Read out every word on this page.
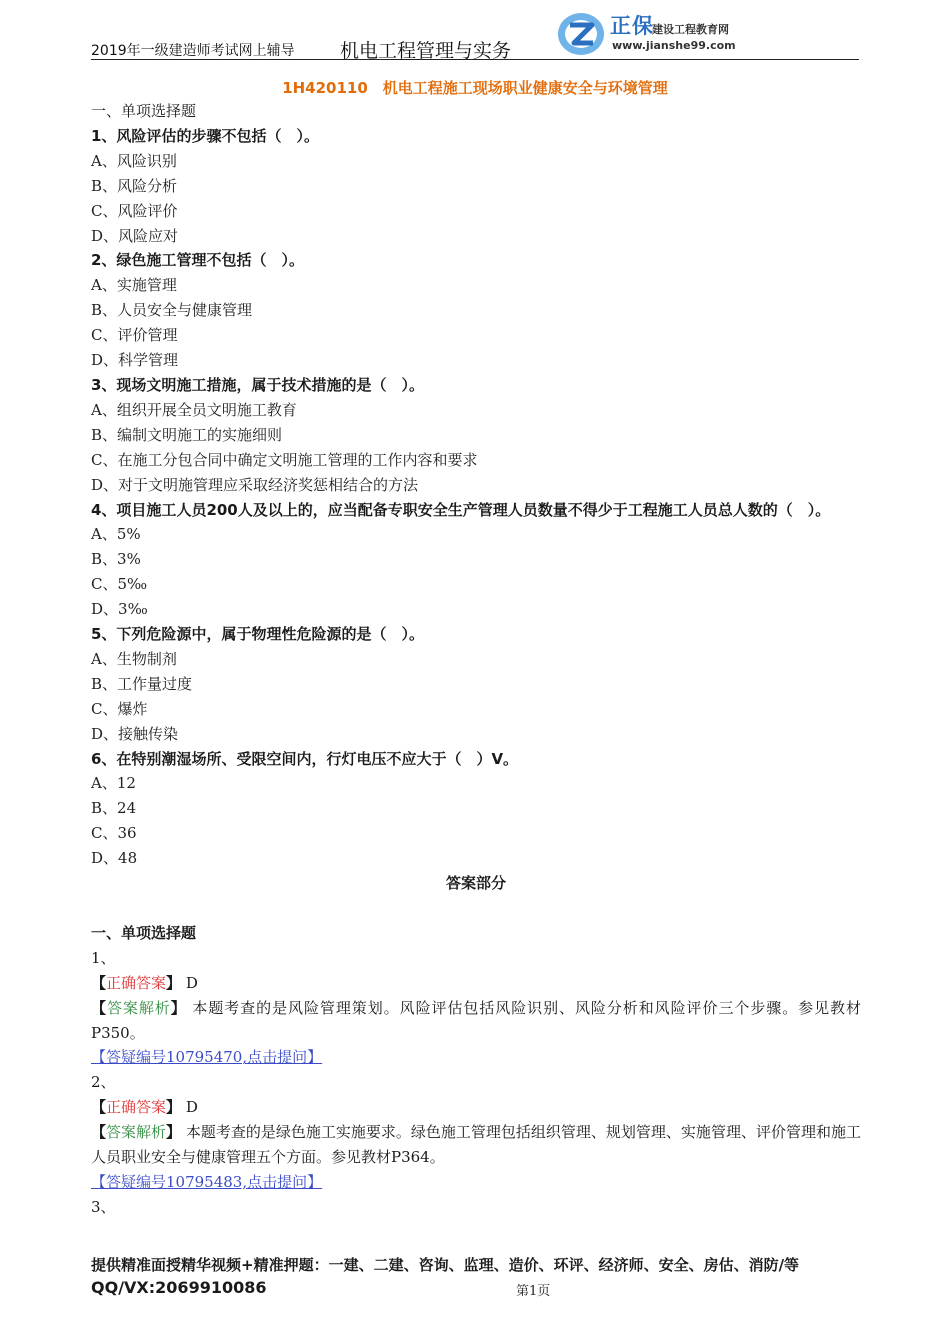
2019年一级建造师考试网上辅导 机电工程管理与实务
正保
建设工程教育网
www.jianshe99.com
1H420110　机电工程施工现场职业健康安全与环境管理
一、单项选择题
1、风险评估的步骤不包括（　）。
A、风险识别
B、风险分析
C、风险评价
D、风险应对
2、绿色施工管理不包括（　）。
A、实施管理
B、人员安全与健康管理
C、评价管理
D、科学管理
3、现场文明施工措施，属于技术措施的是（　）。
A、组织开展全员文明施工教育
B、编制文明施工的实施细则
C、在施工分包合同中确定文明施工管理的工作内容和要求
D、对于文明施管理应采取经济奖惩相结合的方法
4、项目施工人员200人及以上的，应当配备专职安全生产管理人员数量不得少于工程施工人员总人数的（　）。
A、5%
B、3%
C、5‰
D、3‰
5、下列危险源中，属于物理性危险源的是（　）。
A、生物制剂
B、工作量过度
C、爆炸
D、接触传染
6、在特别潮湿场所、受限空间内，行灯电压不应大于（　）V。
A、12
B、24
C、36
D、48
答案部分
一、单项选择题
1、
【正确答案】 D
【答案解析】 本题考查的是风险管理策划。风险评估包括风险识别、风险分析和风险评价三个步骤。参见教材P350。
【答疑编号10795470,点击提问】
2、
【正确答案】 D
【答案解析】 本题考查的是绿色施工实施要求。绿色施工管理包括组织管理、规划管理、实施管理、评价管理和施工人员职业安全与健康管理五个方面。参见教材P364。
【答疑编号10795483,点击提问】
3、
提供精准面授精华视频+精准押题：一建、二建、咨询、监理、造价、环评、经济师、安全、房估、消防/等
QQ/VX:2069910086	第1页
